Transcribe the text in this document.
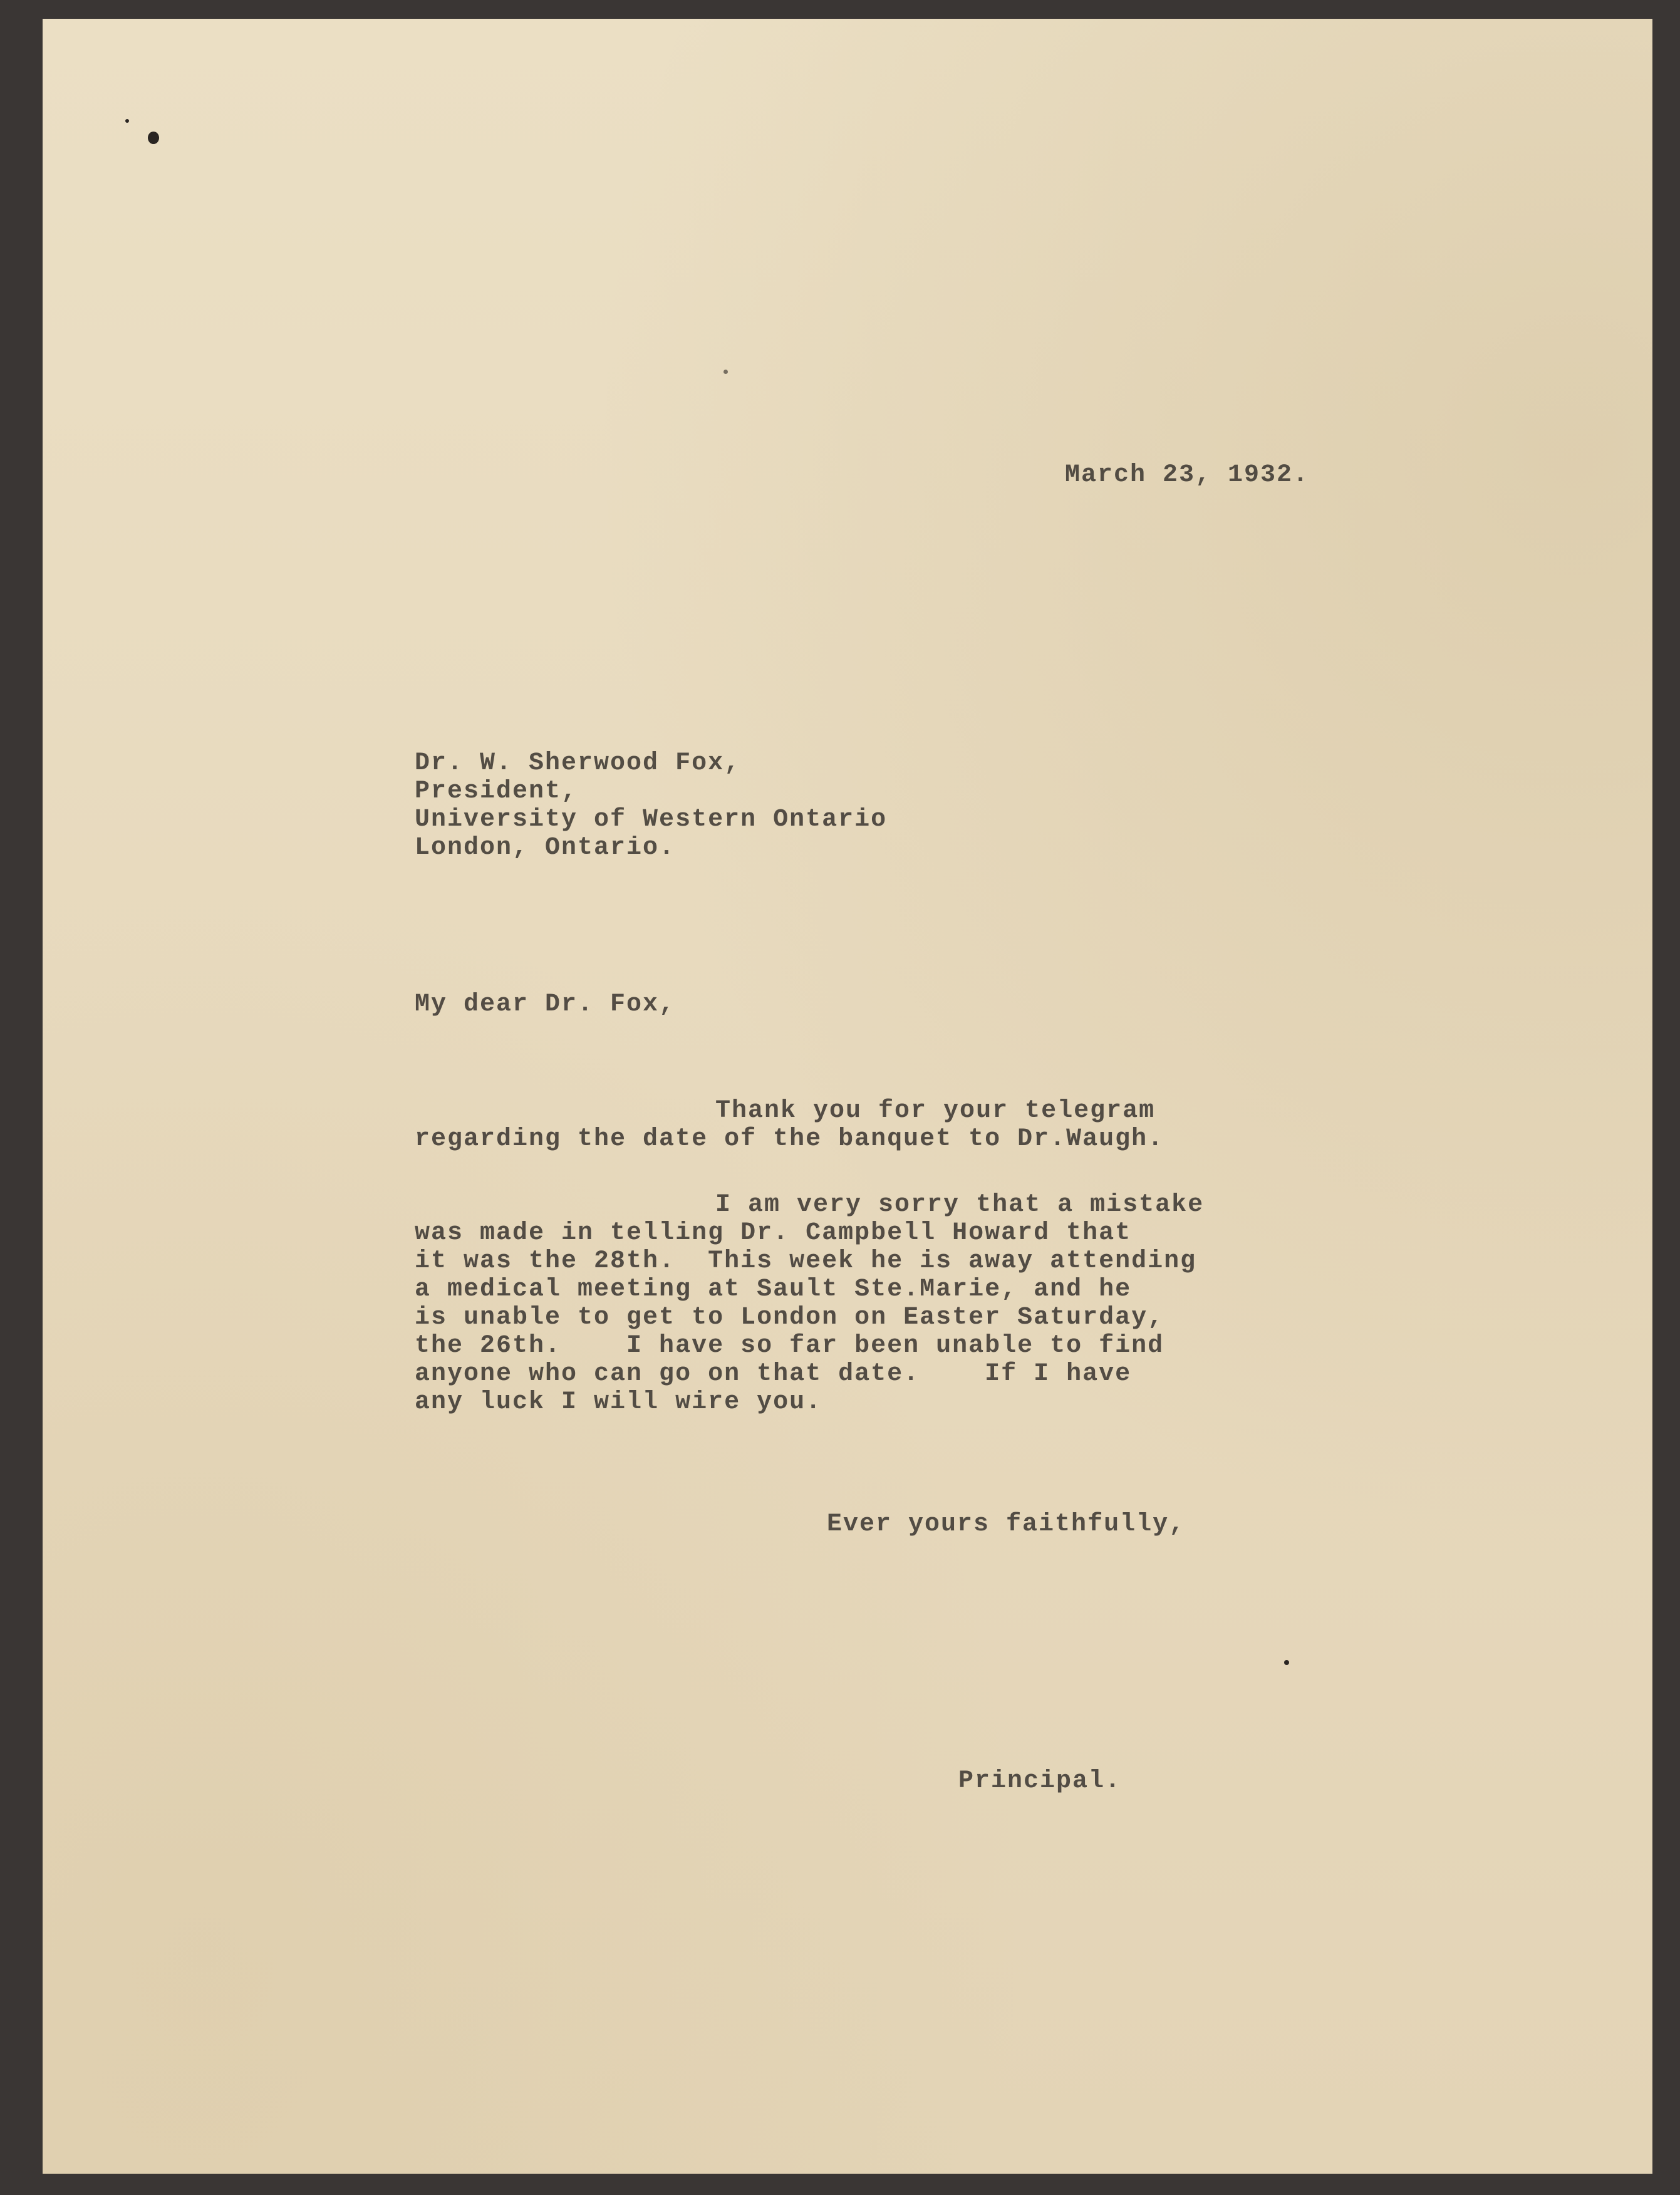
March 23, 1932.
Dr. W. Sherwood Fox,
President,
University of Western Ontario
London, Ontario.
My dear Dr. Fox,
Thank you for your telegram
regarding the date of the banquet to Dr.Waugh.
I am very sorry that a mistake
was made in telling Dr. Campbell Howard that
it was the 28th.  This week he is away attending
a medical meeting at Sault Ste.Marie, and he
is unable to get to London on Easter Saturday,
the 26th.    I have so far been unable to find
anyone who can go on that date.    If I have
any luck I will wire you.
Ever yours faithfully,
Principal.
